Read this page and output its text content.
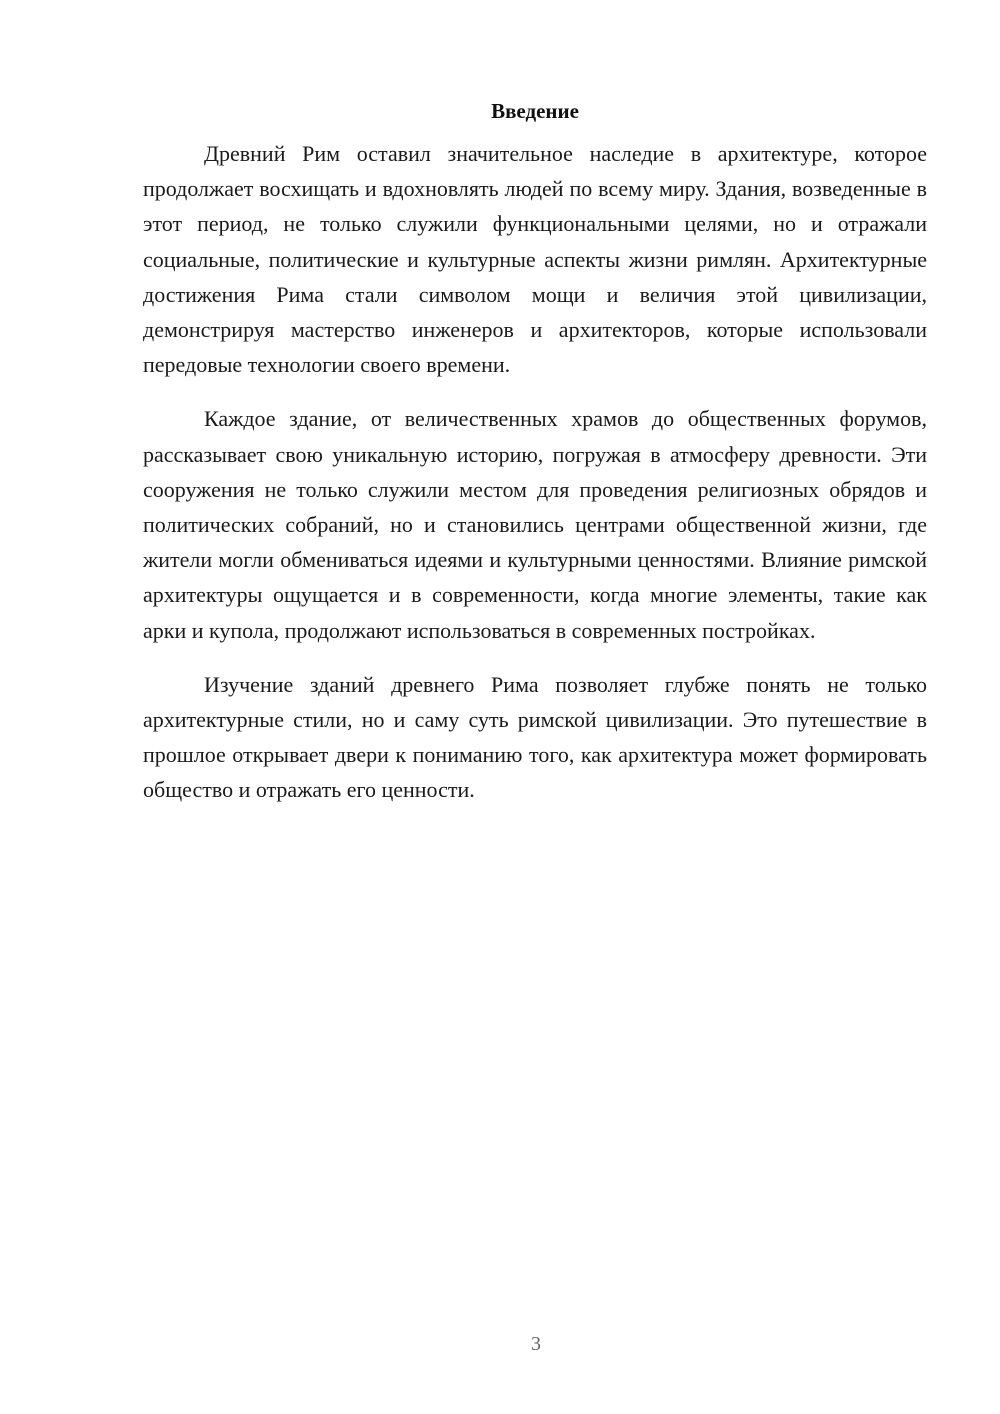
Введение

Древний Рим оставил значительное наследие в архитектуре, которое продолжает восхищать и вдохновлять людей по всему миру. Здания, возведенные в этот период, не только служили функциональными целями, но и отражали социальные, политические и культурные аспекты жизни римлян. Архитектурные достижения Рима стали символом мощи и величия этой цивилизации, демонстрируя мастерство инженеров и архитекторов, которые использовали передовые технологии своего времени.

Каждое здание, от величественных храмов до общественных форумов, рассказывает свою уникальную историю, погружая в атмосферу древности. Эти сооружения не только служили местом для проведения религиозных обрядов и политических собраний, но и становились центрами общественной жизни, где жители могли обмениваться идеями и культурными ценностями. Влияние римской архитектуры ощущается и в современности, когда многие элементы, такие как арки и купола, продолжают использоваться в современных постройках.

Изучение зданий древнего Рима позволяет глубже понять не только архитектурные стили, но и саму суть римской цивилизации. Это путешествие в прошлое открывает двери к пониманию того, как архитектура может формировать общество и отражать его ценности.

3
